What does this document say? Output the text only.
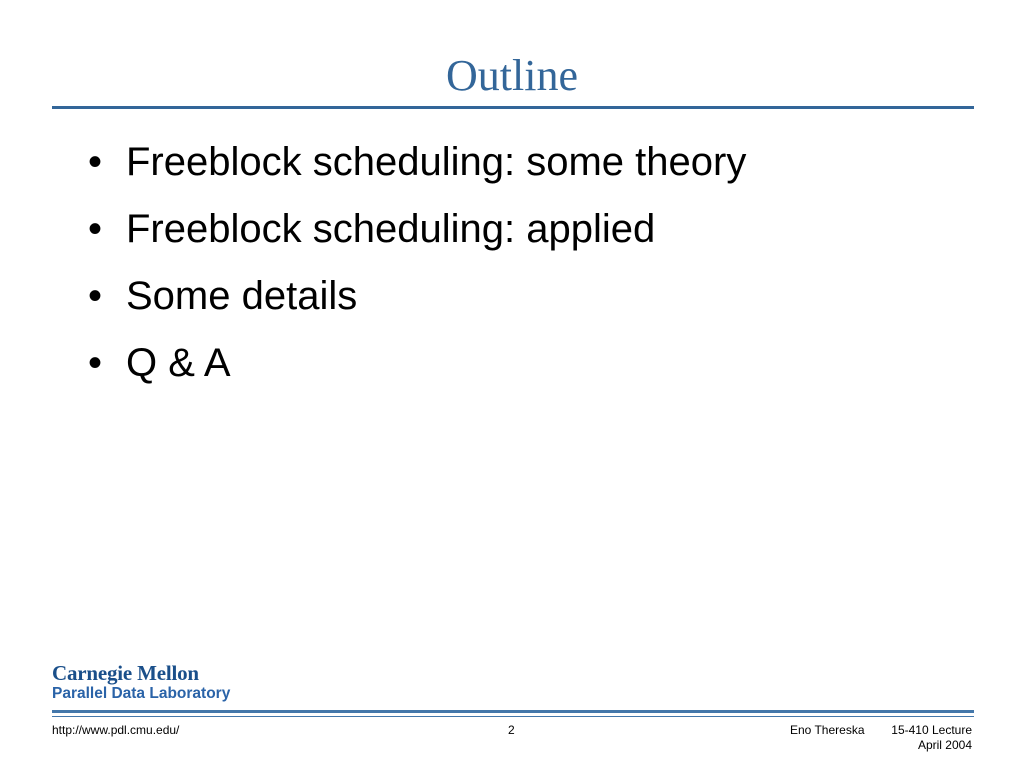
Outline
• Freeblock scheduling: some theory
• Freeblock scheduling: applied
• Some details
• Q & A
Carnegie Mellon
Parallel Data Laboratory
http://www.pdl.cmu.edu/	2	Eno Thereska 15-410 Lecture
April 2004
